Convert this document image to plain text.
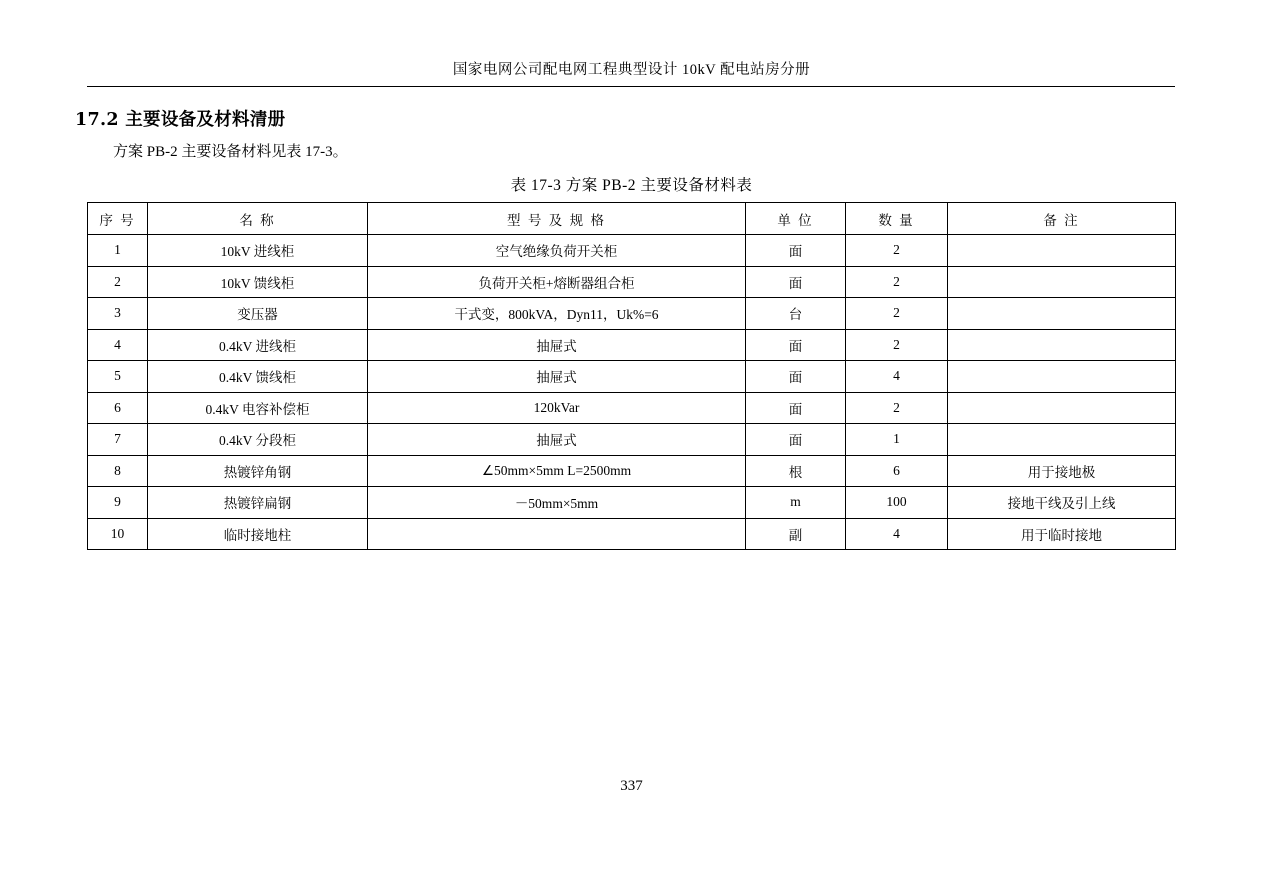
国家电网公司配电网工程典型设计 10kV 配电站房分册
17.2 主要设备及材料清册
方案 PB-2 主要设备材料见表 17-3。
表 17-3 方案 PB-2 主要设备材料表
序 号	名 称	型 号 及 规 格	单 位	数 量	备 注
1	10kV 进线柜	空气绝缘负荷开关柜	面	2	
2	10kV 馈线柜	负荷开关柜+熔断器组合柜	面	2	
3	变压器	干式变，800kVA，Dyn11，Uk%=6	台	2	
4	0.4kV 进线柜	抽屉式	面	2	
5	0.4kV 馈线柜	抽屉式	面	4	
6	0.4kV 电容补偿柜	120kVar	面	2	
7	0.4kV 分段柜	抽屉式	面	1	
8	热镀锌角钢	∠50mm×5mm L=2500mm	根	6	用于接地极
9	热镀锌扁钢	－50mm×5mm	m	100	接地干线及引上线
10	临时接地柱		副	4	用于临时接地
337
